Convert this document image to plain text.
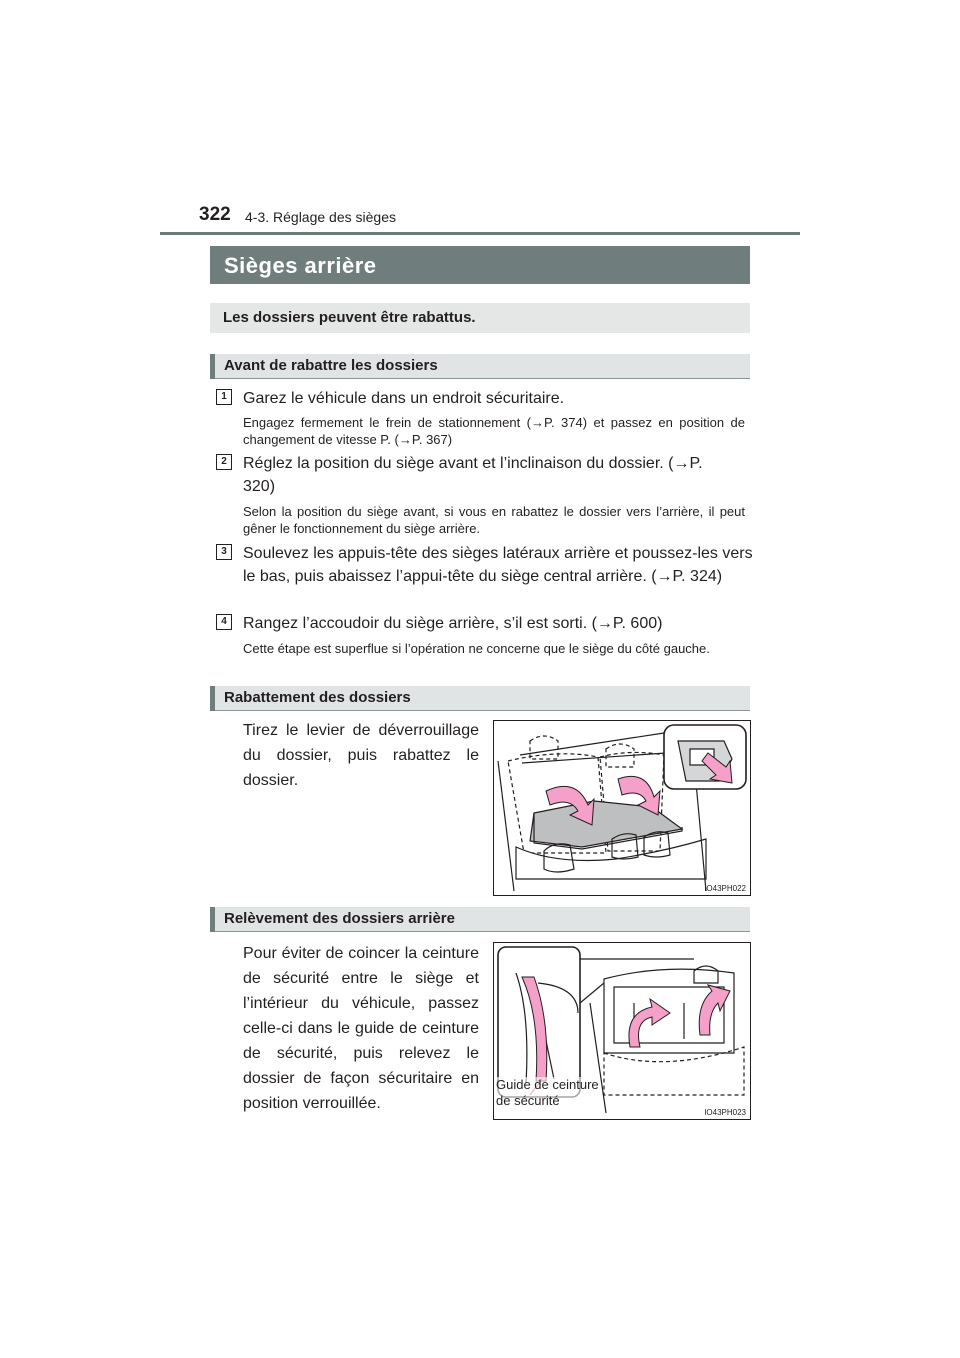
322 4-3. Réglage des sièges
Sièges arrière
Les dossiers peuvent être rabattus.
Avant de rabattre les dossiers
1	Garez le véhicule dans un endroit sécuritaire.
Engagez fermement le frein de stationnement (→P. 374) et passez en position de changement de vitesse P. (→P. 367)
2	Réglez la position du siège avant et l’inclinaison du dossier. (→P. 320)
Selon la position du siège avant, si vous en rabattez le dossier vers l’arrière, il peut gêner le fonctionnement du siège arrière.
3	Soulevez les appuis-tête des sièges latéraux arrière et poussez-les vers le bas, puis abaissez l’appui-tête du siège central arrière. (→P. 324)
4	Rangez l’accoudoir du siège arrière, s’il est sorti. (→P. 600)
Cette étape est superflue si l’opération ne concerne que le siège du côté gauche.
Rabattement des dossiers
Tirez le levier de déverrouillage du dossier, puis rabattez le dossier.
IO43PH022
Relèvement des dossiers arrière
Pour éviter de coincer la ceinture de sécurité entre le siège et l’intérieur du véhicule, passez celle-ci dans le guide de ceinture de sécurité, puis relevez le dossier de façon sécuritaire en position verrouillée.
Guide de ceinture
de sécurité
IO43PH023
